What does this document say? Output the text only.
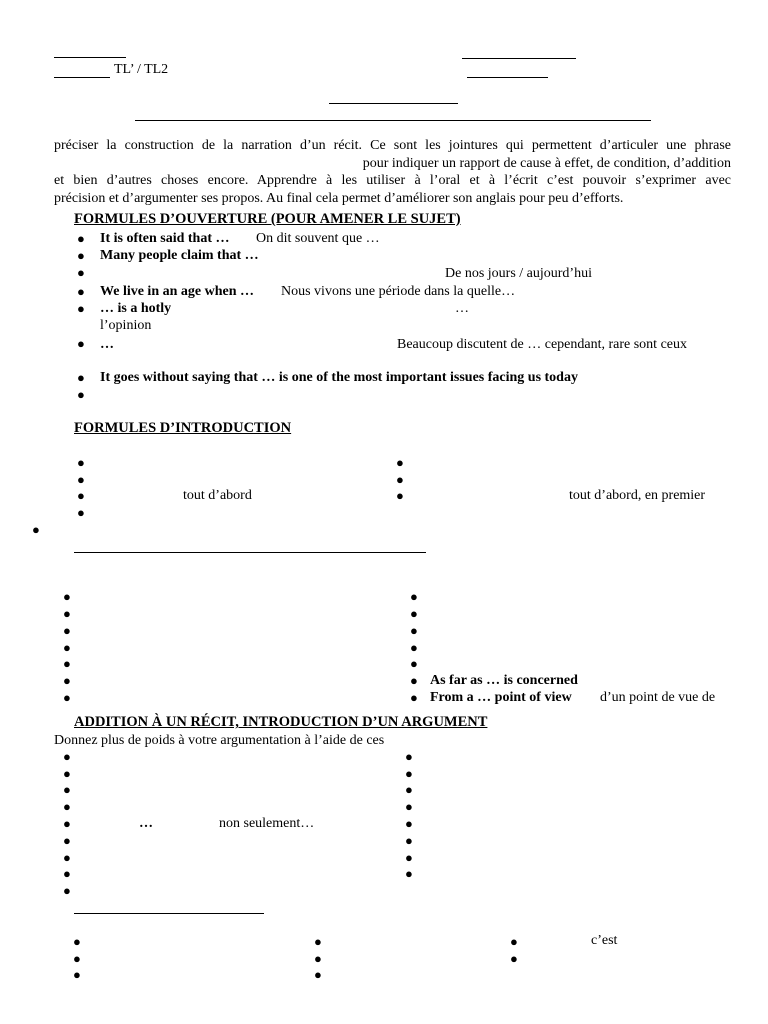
TL’ / TL2
préciser la construction de la narration d’un récit. Ce sont les jointures qui permettent d’articuler une phrase
pour indiquer un rapport de cause à effet, de condition, d’addition
et bien d’autres choses encore. Apprendre à les utiliser à l’oral et à l’écrit c’est pouvoir s’exprimer avec
précision et d’argumenter ses propos. Au final cela permet d’améliorer son anglais pour peu d’efforts.
FORMULES D’OUVERTURE (POUR AMENER LE SUJET)
● It is often said that … On dit souvent que …
● Many people claim that …
●	De nos jours / aujourd’hui
● We live in an age when … Nous vivons une période dans la quelle…
● … is a hotly	…
l’opinion
● …	Beaucoup discutent de … cependant, rare sont ceux
● It goes without saying that … is one of the most important issues facing us today
●
FORMULES D’INTRODUCTION
●
●
●	tout d’abord
●
●
●
●	tout d’abord, en premier
●
●
●
●
●
●
●
●
●
●
●
●
●
● As far as … is concerned
● From a … point of view d’un point de vue de
ADDITION À UN RÉCIT, INTRODUCTION D’UN ARGUMENT
Donnez plus de poids à votre argumentation à l’aide de ces
●
●
●
●
●	…	non seulement…
●
●
●
●
●
●
●
●
●
●
●
●
●
●
●
●
●
●
●	c’est
●
